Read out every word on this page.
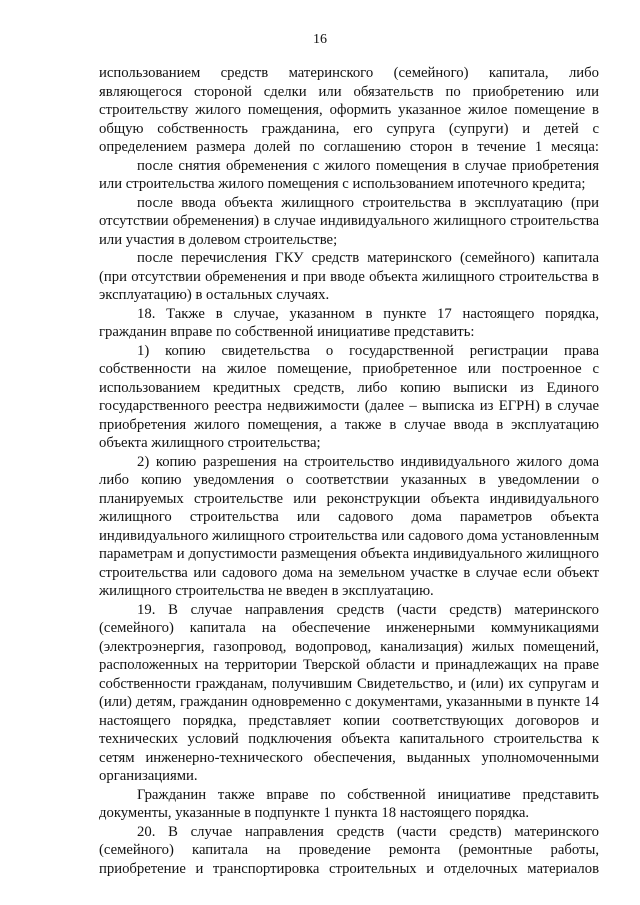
16

использованием средств материнского (семейного) капитала, либо являющегося стороной сделки или обязательств по приобретению или строительству жилого помещения, оформить указанное жилое помещение в общую собственность гражданина, его супруга (супруги) и детей с определением размера долей по соглашению сторон в течение 1 месяца:

после снятия обременения с жилого помещения в случае приобретения или строительства жилого помещения с использованием ипотечного кредита;

после ввода объекта жилищного строительства в эксплуатацию (при отсутствии обременения) в случае индивидуального жилищного строительства или участия в долевом строительстве;

после перечисления ГКУ средств материнского (семейного) капитала (при отсутствии обременения и при вводе объекта жилищного строительства в эксплуатацию) в остальных случаях.

18. Также в случае, указанном в пункте 17 настоящего порядка, гражданин вправе по собственной инициативе представить:

1) копию свидетельства о государственной регистрации права собственности на жилое помещение, приобретенное или построенное с использованием кредитных средств, либо копию выписки из Единого государственного реестра недвижимости (далее – выписка из ЕГРН) в случае приобретения жилого помещения, а также в случае ввода в эксплуатацию объекта жилищного строительства;

2) копию разрешения на строительство индивидуального жилого дома либо копию уведомления о соответствии указанных в уведомлении о планируемых строительстве или реконструкции объекта индивидуального жилищного строительства или садового дома параметров объекта индивидуального жилищного строительства или садового дома установленным параметрам и допустимости размещения объекта индивидуального жилищного строительства или садового дома на земельном участке в случае если объект жилищного строительства не введен в эксплуатацию.

19. В случае направления средств (части средств) материнского (семейного) капитала на обеспечение инженерными коммуникациями (электроэнергия, газопровод, водопровод, канализация) жилых помещений, расположенных на территории Тверской области и принадлежащих на праве собственности гражданам, получившим Свидетельство, и (или) их супругам и (или) детям, гражданин одновременно с документами, указанными в пункте 14 настоящего порядка, представляет копии соответствующих договоров и технических условий подключения объекта капитального строительства к сетям инженерно-технического обеспечения, выданных уполномоченными организациями.

Гражданин также вправе по собственной инициативе представить документы, указанные в подпункте 1 пункта 18 настоящего порядка.

20. В случае направления средств (части средств) материнского (семейного) капитала на проведение ремонта (ремонтные работы, приобретение и транспортировка строительных и отделочных материалов
